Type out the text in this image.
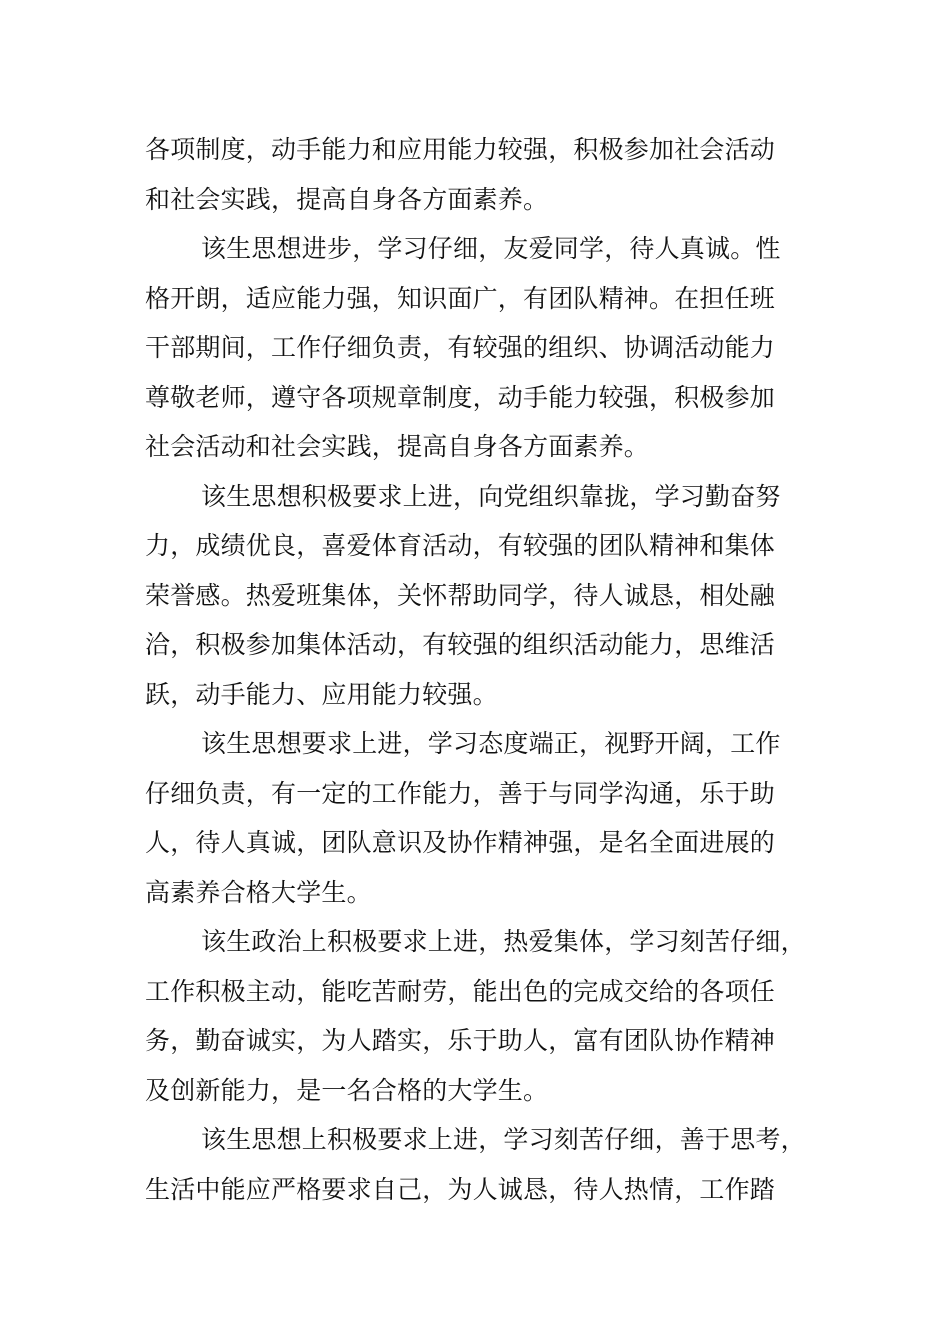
各项制度，动手能力和应用能力较强，积极参加社会活动
和社会实践，提高自身各方面素养。
该生思想进步，学习仔细，友爱同学，待人真诚。性
格开朗，适应能力强，知识面广，有团队精神。在担任班
干部期间，工作仔细负责，有较强的组织、协调活动能力
尊敬老师，遵守各项规章制度，动手能力较强，积极参加
社会活动和社会实践，提高自身各方面素养。
该生思想积极要求上进，向党组织靠拢，学习勤奋努
力，成绩优良，喜爱体育活动，有较强的团队精神和集体
荣誉感。热爱班集体，关怀帮助同学，待人诚恳，相处融
洽，积极参加集体活动，有较强的组织活动能力，思维活
跃，动手能力、应用能力较强。
该生思想要求上进，学习态度端正，视野开阔，工作
仔细负责，有一定的工作能力，善于与同学沟通，乐于助
人，待人真诚，团队意识及协作精神强，是名全面进展的
高素养合格大学生。
该生政治上积极要求上进，热爱集体，学习刻苦仔细，
工作积极主动，能吃苦耐劳，能出色的完成交给的各项任
务，勤奋诚实，为人踏实，乐于助人，富有团队协作精神
及创新能力，是一名合格的大学生。
该生思想上积极要求上进，学习刻苦仔细，善于思考，
生活中能应严格要求自己，为人诚恳，待人热情，工作踏
